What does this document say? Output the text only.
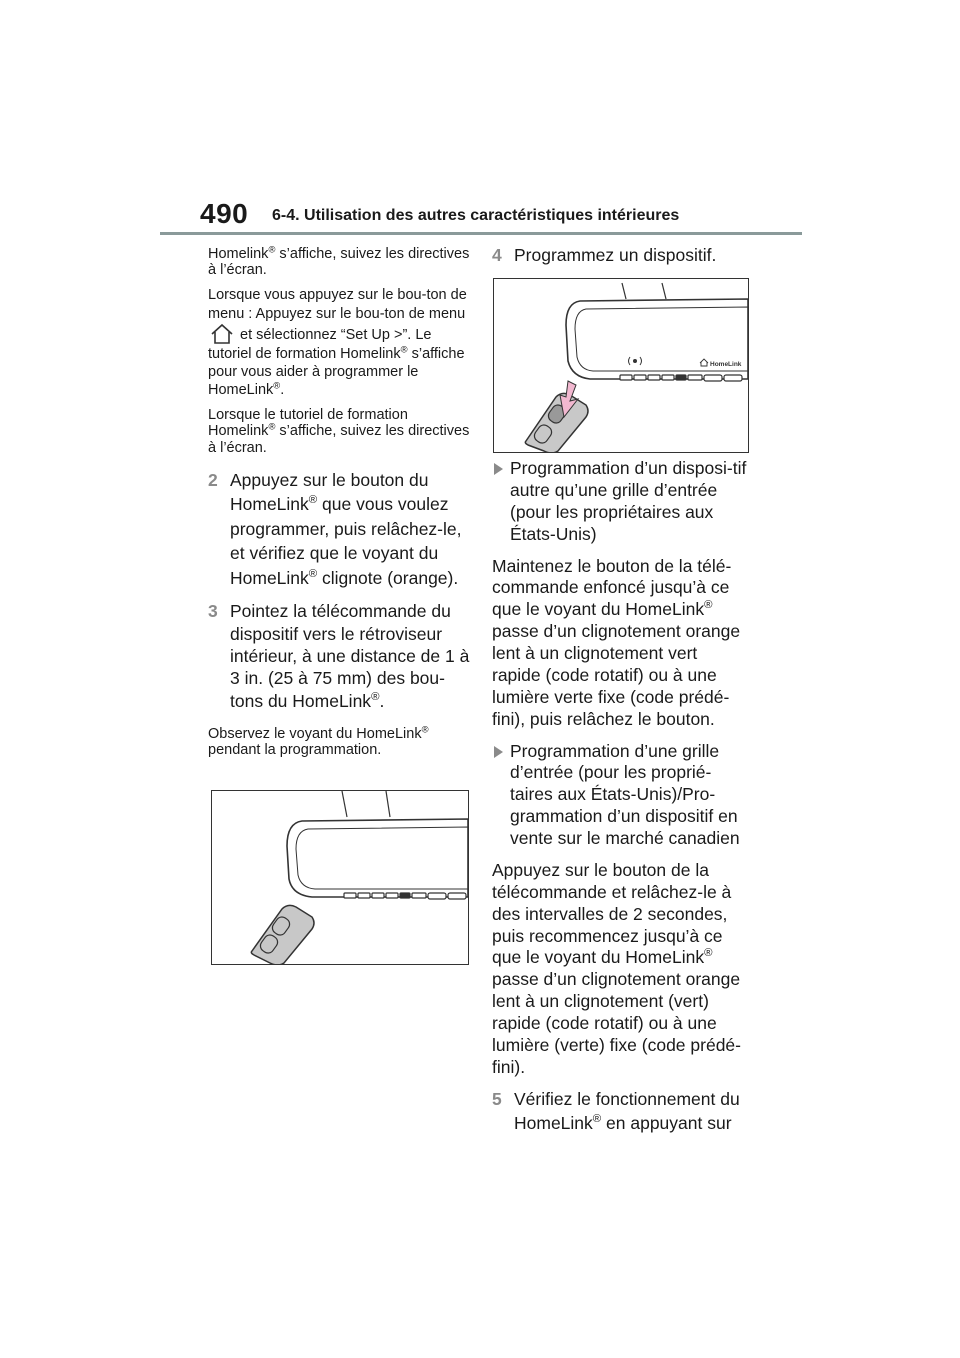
490 6-4. Utilisation des autres caractéristiques intérieures

Homelink® s’affiche, suivez les directives à l’écran.

Lorsque vous appuyez sur le bou-ton de menu : Appuyez sur le bou-ton de menu  et sélectionnez “Set Up >”. Le tutoriel de formation Homelink® s’affiche pour vous aider à programmer le HomeLink®.

Lorsque le tutoriel de formation Homelink® s’affiche, suivez les directives à l’écran.

2 Appuyez sur le bouton du HomeLink® que vous voulez programmer, puis relâchez-le, et vérifiez que le voyant du HomeLink® clignote (orange).
3 Pointez la télécommande du dispositif vers le rétroviseur intérieur, à une distance de 1 à 3 in. (25 à 75 mm) des bou-tons du HomeLink®.

Observez le voyant du HomeLink® pendant la programmation.

4 Programmez un dispositif.
HomeLink
Programmation d’un disposi-tif autre qu’une grille d’entrée (pour les propriétaires aux États-Unis)

Maintenez le bouton de la télé-commande enfoncé jusqu’à ce que le voyant du HomeLink® passe d’un clignotement orange lent à un clignotement vert rapide (code rotatif) ou à une lumière verte fixe (code prédé-fini), puis relâchez le bouton.

Programmation d’une grille d’entrée (pour les proprié-taires aux États-Unis)/Pro-grammation d’un dispositif en vente sur le marché canadien

Appuyez sur le bouton de la télécommande et relâchez-le à des intervalles de 2 secondes, puis recommencez jusqu’à ce que le voyant du HomeLink® passe d’un clignotement orange lent à un clignotement (vert) rapide (code rotatif) ou à une lumière (verte) fixe (code prédé-fini).

5 Vérifiez le fonctionnement du HomeLink® en appuyant sur
